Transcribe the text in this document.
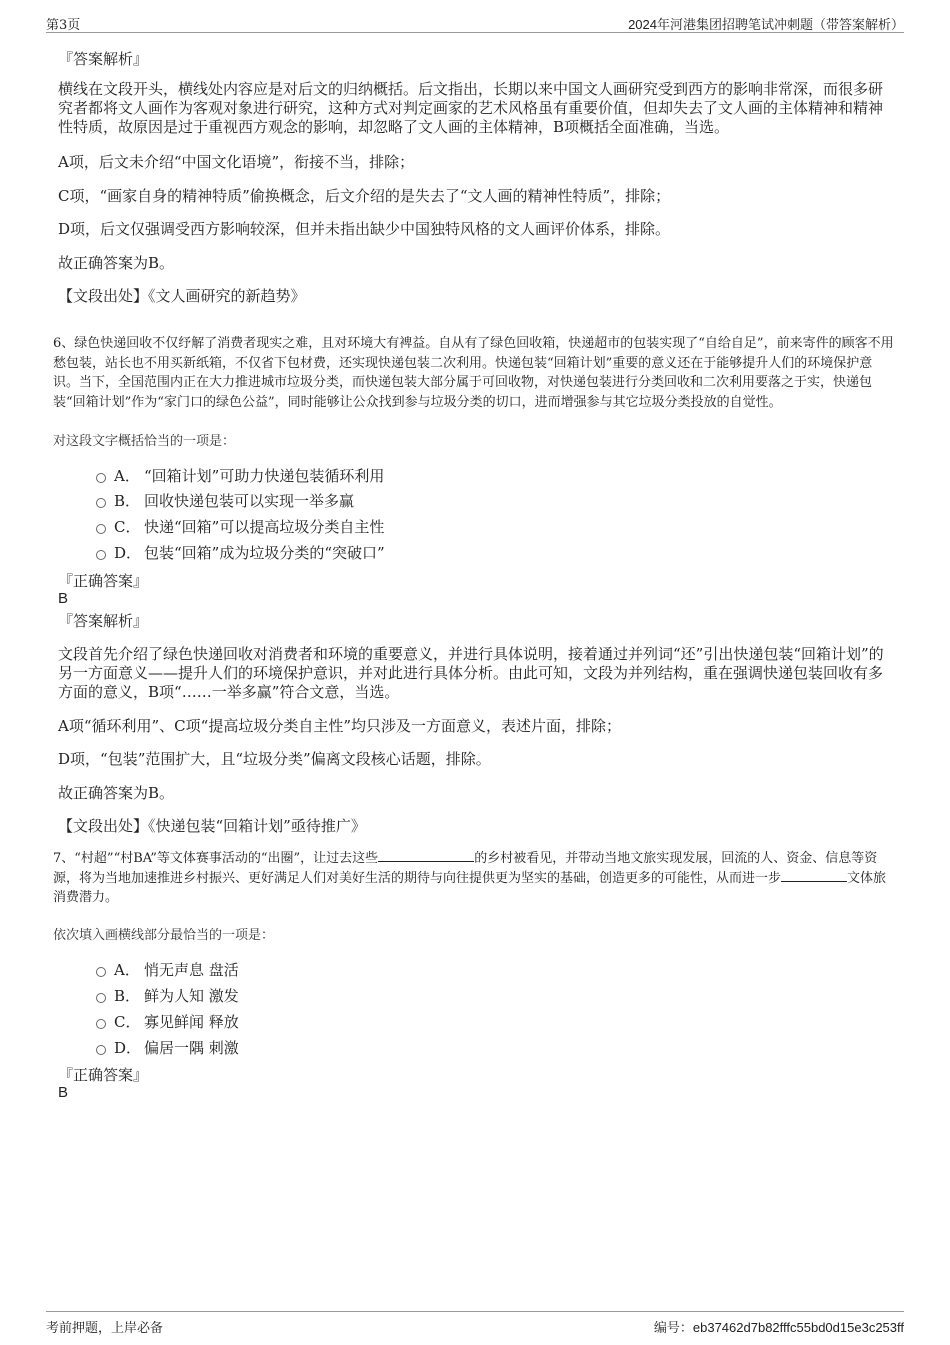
第3页	2024年河港集团招聘笔试冲刺题（带答案解析）
『答案解析』

横线在文段开头，横线处内容应是对后文的归纳概括。后文指出，长期以来中国文人画研究受到西方的影响非常深，而很多研究者都将文人画作为客观对象进行研究，这种方式对判定画家的艺术风格虽有重要价值，但却失去了文人画的主体精神和精神性特质，故原因是过于重视西方观念的影响，却忽略了文人画的主体精神，B项概括全面准确，当选。

A项，后文未介绍“中国文化语境”，衔接不当，排除；
C项，“画家自身的精神特质”偷换概念，后文介绍的是失去了“文人画的精神性特质”，排除；
D项，后文仅强调受西方影响较深，但并未指出缺少中国独特风格的文人画评价体系，排除。
故正确答案为B。
【文段出处】《文人画研究的新趋势》

6、绿色快递回收不仅纾解了消费者现实之难，且对环境大有裨益。自从有了绿色回收箱，快递超市的包装实现了“自给自足”，前来寄件的顾客不用愁包装，站长也不用买新纸箱，不仅省下包材费，还实现快递包装二次利用。快递包装“回箱计划”重要的意义还在于能够提升人们的环境保护意识。当下，全国范围内正在大力推进城市垃圾分类，而快递包装大部分属于可回收物，对快递包装进行分类回收和二次利用要落之于实，快递包装“回箱计划”作为“家门口的绿色公益”，同时能够让公众找到参与垃圾分类的切口，进而增强参与其它垃圾分类投放的自觉性。

对这段文字概括恰当的一项是：
A． “回箱计划”可助力快递包装循环利用
B． 回收快递包装可以实现一举多赢
C． 快递“回箱”可以提高垃圾分类自主性
D． 包装“回箱”成为垃圾分类的“突破口”
『正确答案』
B
『答案解析』

文段首先介绍了绿色快递回收对消费者和环境的重要意义，并进行具体说明，接着通过并列词“还”引出快递包装“回箱计划”的另一方面意义——提升人们的环境保护意识，并对此进行具体分析。由此可知，文段为并列结构，重在强调快递包装回收有多方面的意义，B项“……一举多赢”符合文意，当选。

A项“循环利用”、C项“提高垃圾分类自主性”均只涉及一方面意义，表述片面，排除；
D项，“包装”范围扩大，且“垃圾分类”偏离文段核心话题，排除。
故正确答案为B。
【文段出处】《快递包装“回箱计划”亟待推广》

7、“村超”“村BA”等文体赛事活动的“出圈”，让过去这些	的乡村被看见，并带动当地文旅实现发展，回流的人、资金、信息等资源，将为当地加速推进乡村振兴、更好满足人们对美好生活的期待与向往提供更为坚实的基础，创造更多的可能性，从而进一步	文体旅消费潜力。

依次填入画横线部分最恰当的一项是：
A． 悄无声息 盘活
B． 鲜为人知 激发
C． 寡见鲜闻 释放
D． 偏居一隅 刺激
『正确答案』
B
考前押题，上岸必备	编号：eb37462d7b82fffc55bd0d15e3c253ff
